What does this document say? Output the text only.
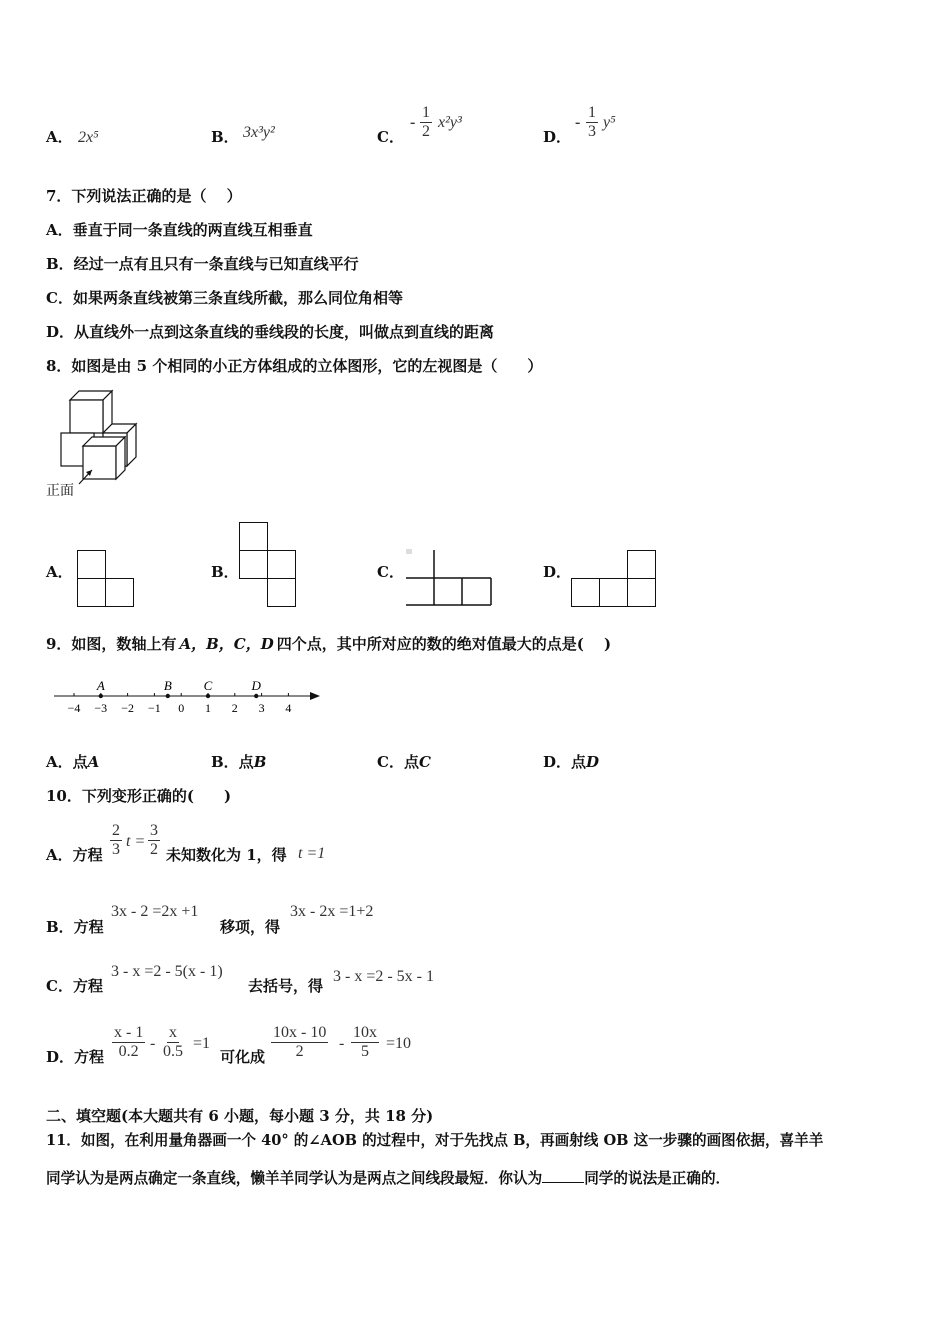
A． 2x⁵	B． 3x³y²	C．
- $\frac{1}{2} x^2y^3$
D．
- $\frac{1}{3} y^5$
7．下列说法正确的是（　 ）
A．垂直于同一条直线的两直线互相垂直
B．经过一点有且只有一条直线与已知直线平行
C．如果两条直线被第三条直线所截，那么同位角相等
D．从直线外一点到这条直线的垂线段的长度，叫做点到直线的距离
8．如图是由 5 个相同的小正方体组成的立体图形，它的左视图是（　　）
正面
A．	B．	C．	D．
9．如图，数轴上有 A，B，C，D 四个点，其中所对应的数的绝对值最大的点是(　 )
−4 −3 −2 −1 0 1 2 3 4
A	B C	D
A．点A	B．点B	C．点C	D．点D
10．下列变形正确的(　　)
A．方程 $\frac{2}{3}$ $t = \frac{3}{2}$ 未知数化为 1，得 t =1
B．方程
3x - 2 =2x +1
移项，得
3x - 2x =1+2
C．方程
3 - x =2 - 5(x - 1)
去括号，得
3 - x =2 - 5x - 1
D．方程 $\frac{x - 1}{0.2} - \frac{x}{0.5} =1$
可化成 $\frac{10x - 10}{2} - \frac{10x}{5} =10$
二、填空题(本大题共有 6 小题，每小题 3 分，共 18 分)
11．如图，在利用量角器画一个 40° 的∠AOB 的过程中，对于先找点 B，再画射线 OB 这一步骤的画图依据，喜羊羊
同学认为是两点确定一条直线，懒羊羊同学认为是两点之间线段最短．你认为	同学的说法是正确的．
